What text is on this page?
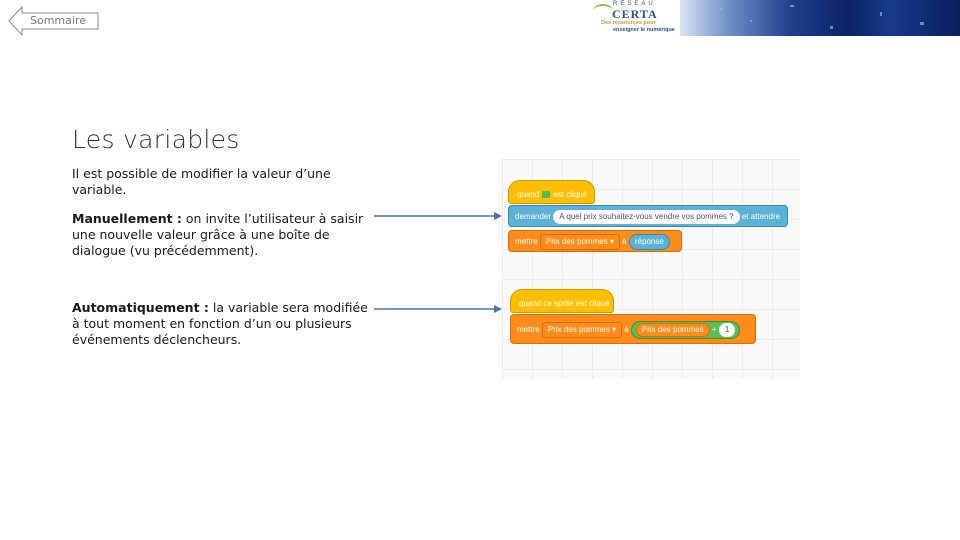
Sommaire
RÉSEAU
CERTA
Des ressources pour
enseigner le numérique
Les variables
Il est possible de modifier la valeur d’une variable.
Manuellement : on invite l’utilisateur à saisir une nouvelle valeur grâce à une boîte de dialogue (vu précédemment).
Automatiquement : la variable sera modifiée à tout moment en fonction d’un ou plusieurs événements déclencheurs.
quand est cliqué
demander A quel prix souhaitez-vous vendre vos pommes ? et attendre
mettre Prix des pommes ▾ à réponse
quand ce sprite est cliqué
mettre Prix des pommes ▾ à Prix des pommes + 1
